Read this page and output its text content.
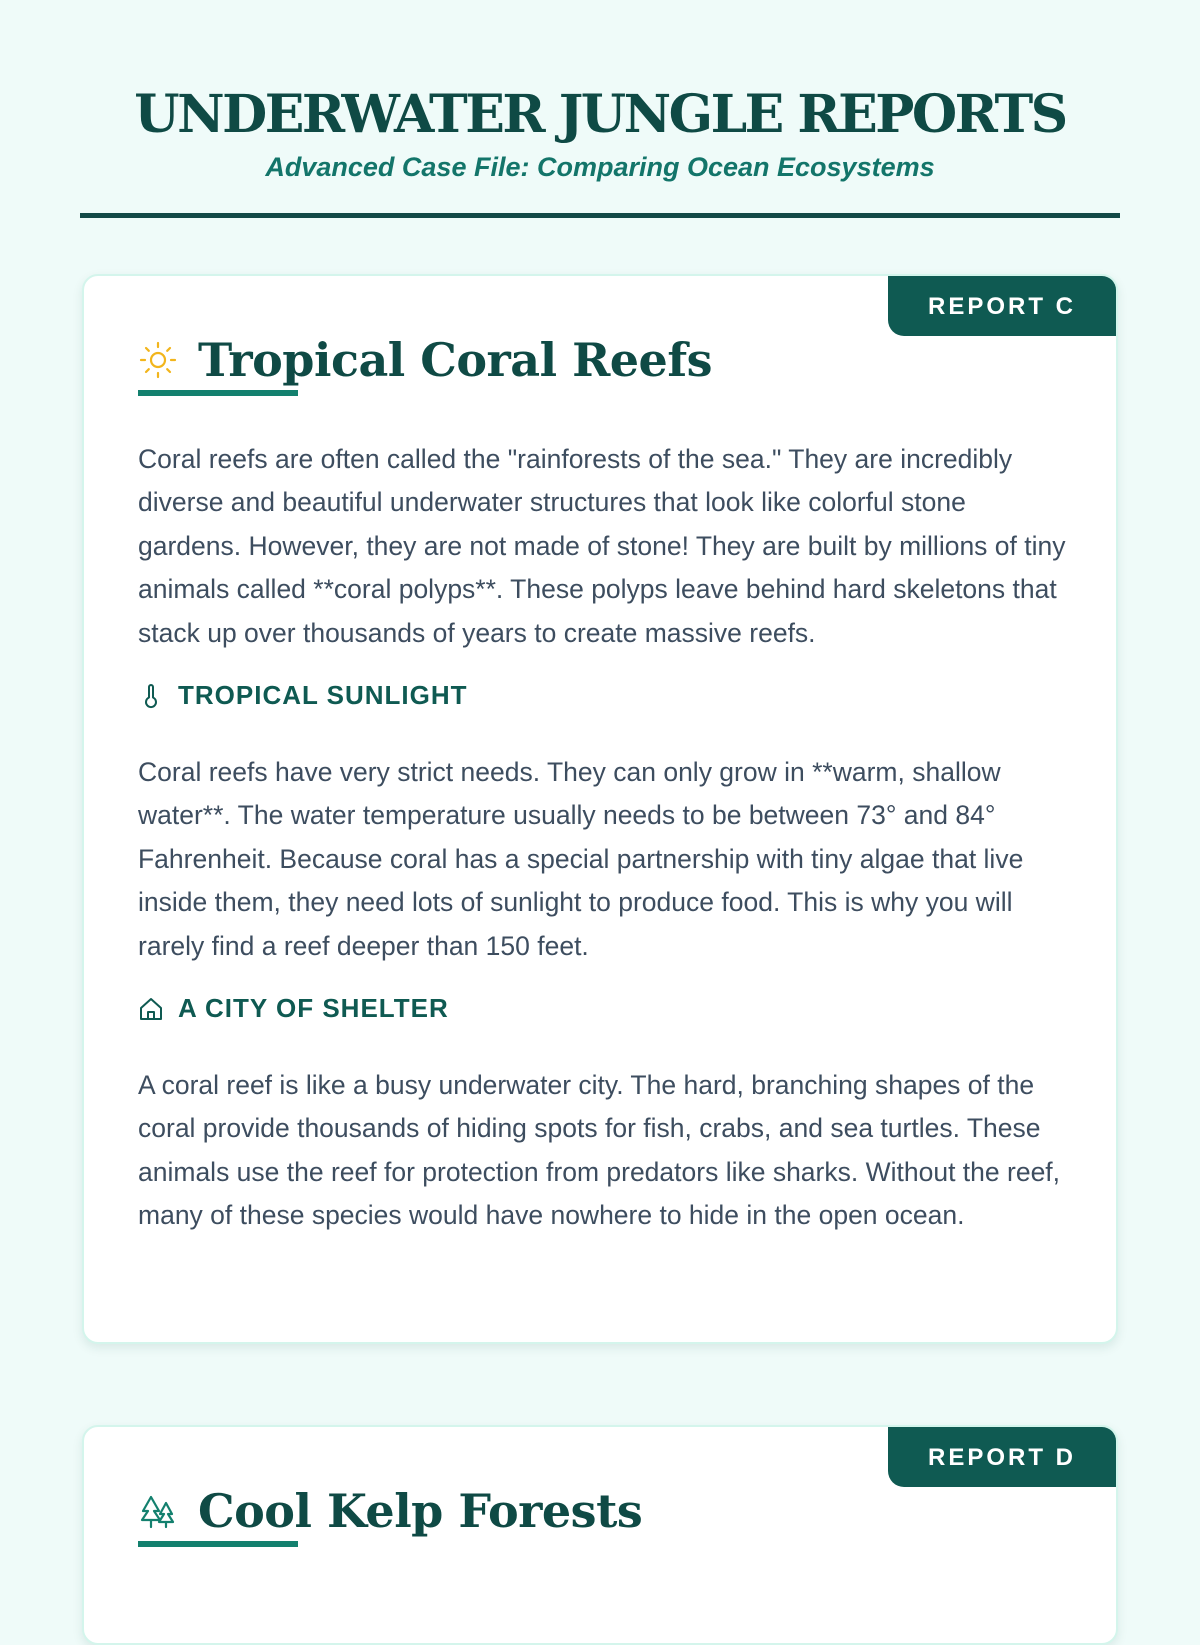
UNDERWATER JUNGLE REPORTS
Advanced Case File: Comparing Ocean Ecosystems
REPORT C
Tropical Coral Reefs

Coral reefs are often called the "rainforests of the sea." They are incredibly diverse and beautiful underwater structures that look like colorful stone gardens. However, they are not made of stone! They are built by millions of tiny animals called **coral polyps**. These polyps leave behind hard skeletons that stack up over thousands of years to create massive reefs.

TROPICAL SUNLIGHT

Coral reefs have very strict needs. They can only grow in **warm, shallow water**. The water temperature usually needs to be between 73° and 84° Fahrenheit. Because coral has a special partnership with tiny algae that live inside them, they need lots of sunlight to produce food. This is why you will rarely find a reef deeper than 150 feet.

A CITY OF SHELTER

A coral reef is like a busy underwater city. The hard, branching shapes of the coral provide thousands of hiding spots for fish, crabs, and sea turtles. These animals use the reef for protection from predators like sharks. Without the reef, many of these species would have nowhere to hide in the open ocean.

REPORT D
Cool Kelp Forests
